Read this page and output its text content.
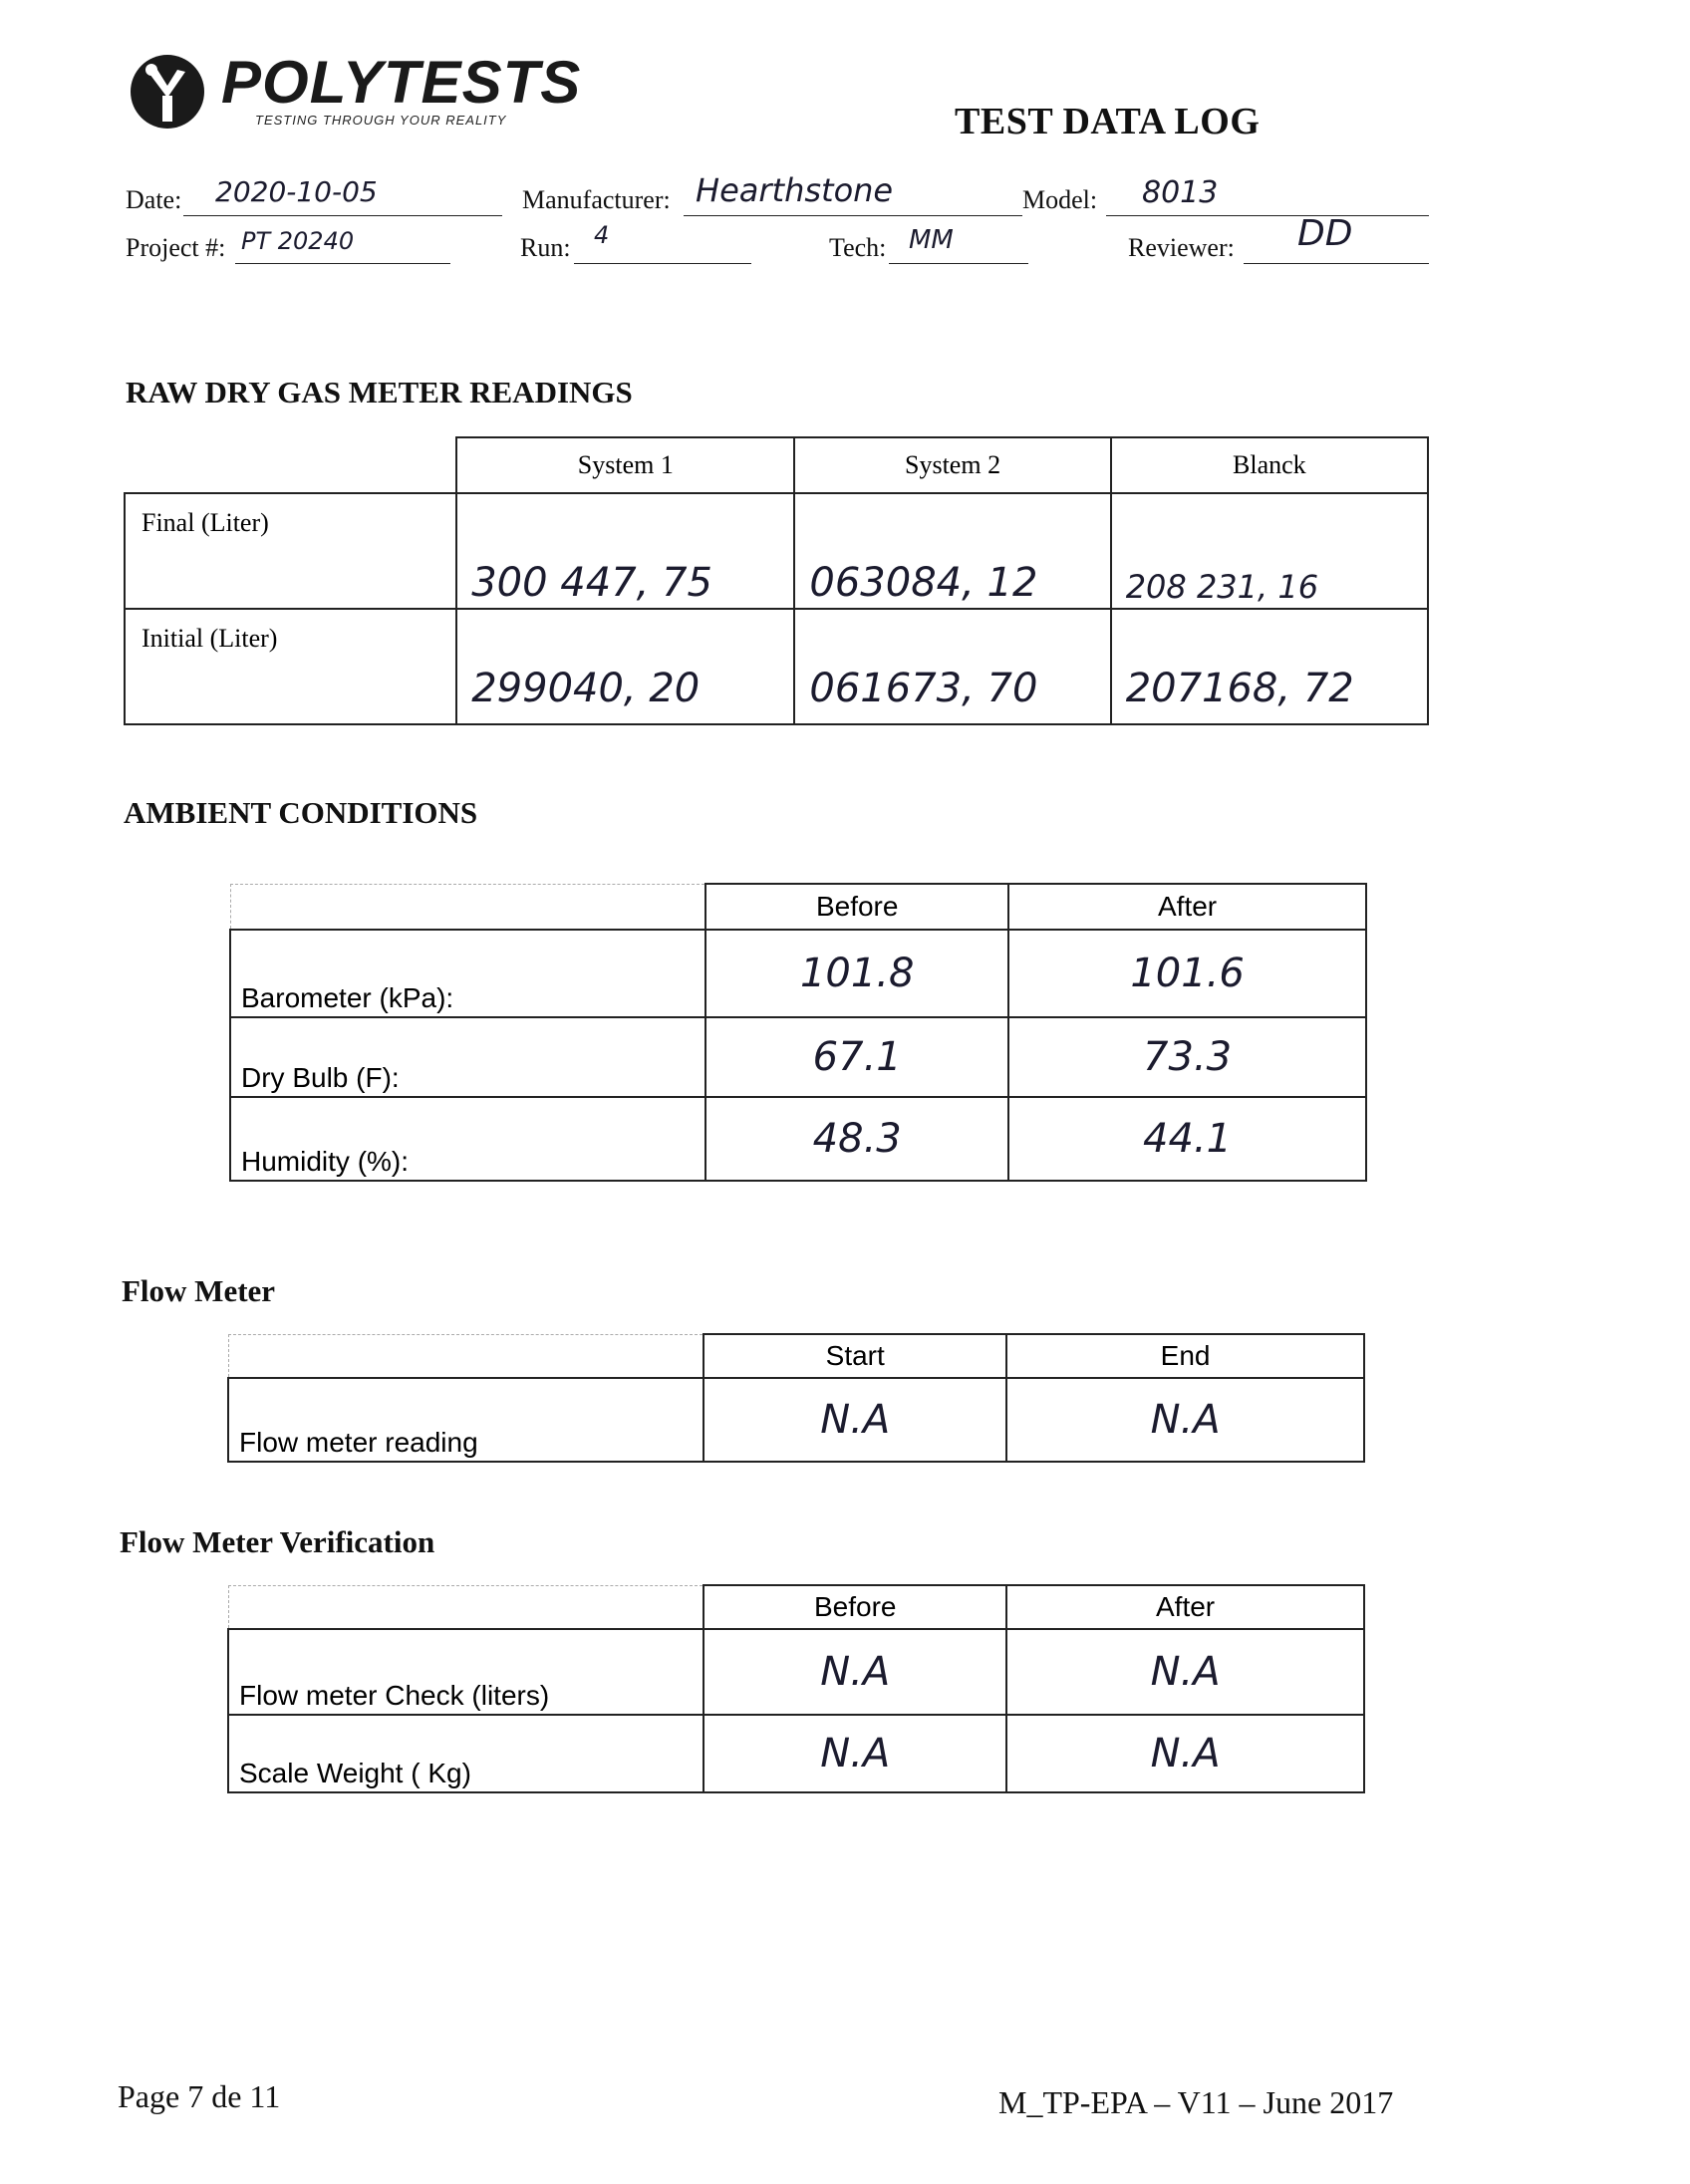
POLYTESTS
TESTING THROUGH YOUR REALITY	TEST DATA LOG
Date: 2020-10-05	Manufacturer: Hearthstone	Model: 8013
Project #: PT 20240	Run: 4	Tech: MM	Reviewer: DD
RAW DRY GAS METER READINGS
	System 1	System 2	Blanck
Final (Liter)	300 447, 75	063084, 12	208 231, 16

Initial (Liter)	299040, 20	061673, 70	207168, 72
AMBIENT CONDITIONS
	Before	After
Barometer (kPa):	101.8	101.6
Dry Bulb (F):	67.1	73.3
Humidity (%):	48.3	44.1
Flow Meter
	Start	End
Flow meter reading	N.A	N.A
Flow Meter Verification
	Before	After
Flow meter Check (liters)	N.A	N.A
Scale Weight ( Kg)	N.A	N.A
Page 7 de 11	M_TP-EPA – V11 – June 2017
